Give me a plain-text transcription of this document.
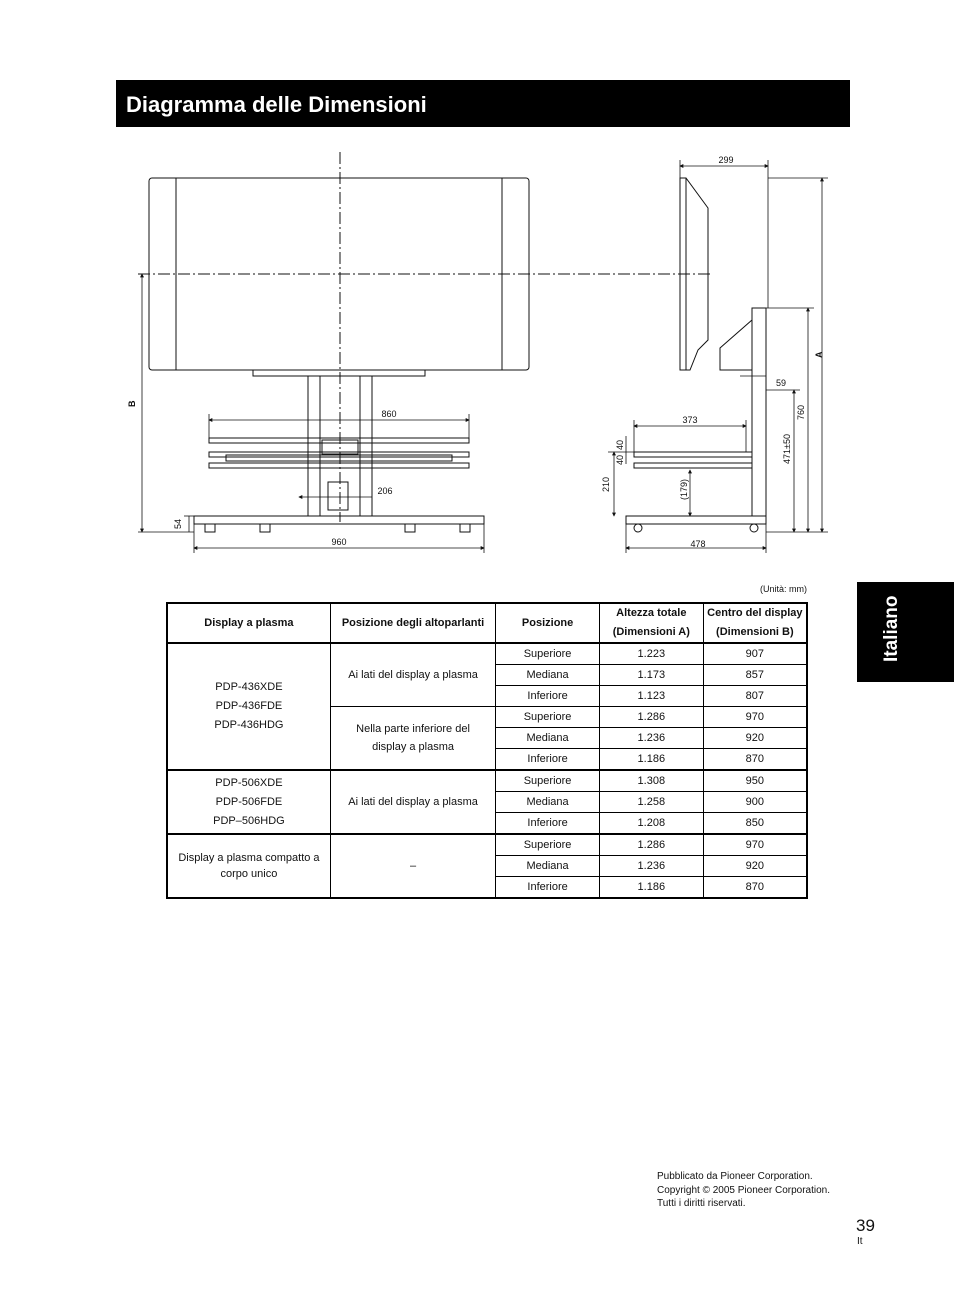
Diagramma delle Dimensioni
Italiano
860
960
206
54
B
299
373
478
59
760
471±50
210
40
40
(179)
A
(Unità: mm)
Display a plasma	Posizione degli altoparlanti	Posizione	Altezza totale
(Dimensioni A)	Centro del display
(Dimensioni B)

PDP-436XDE
PDP-436FDE
PDP-436HDG	Ai lati del display a plasma	Superiore	1.223	907
		Mediana	1.173	857
		Inferiore	1.123	807
	Nella parte inferiore del display a plasma	Superiore	1.286	970
		Mediana	1.236	920
		Inferiore	1.186	870

PDP-506XDE
PDP-506FDE
PDP–506HDG	Ai lati del display a plasma	Superiore	1.308	950
		Mediana	1.258	900
		Inferiore	1.208	850

Display a plasma compatto a corpo unico	–	Superiore	1.286	970
		Mediana	1.236	920
		Inferiore	1.186	870
Pubblicato da Pioneer Corporation.
Copyright © 2005 Pioneer Corporation.
Tutti i diritti riservati.
39
It
